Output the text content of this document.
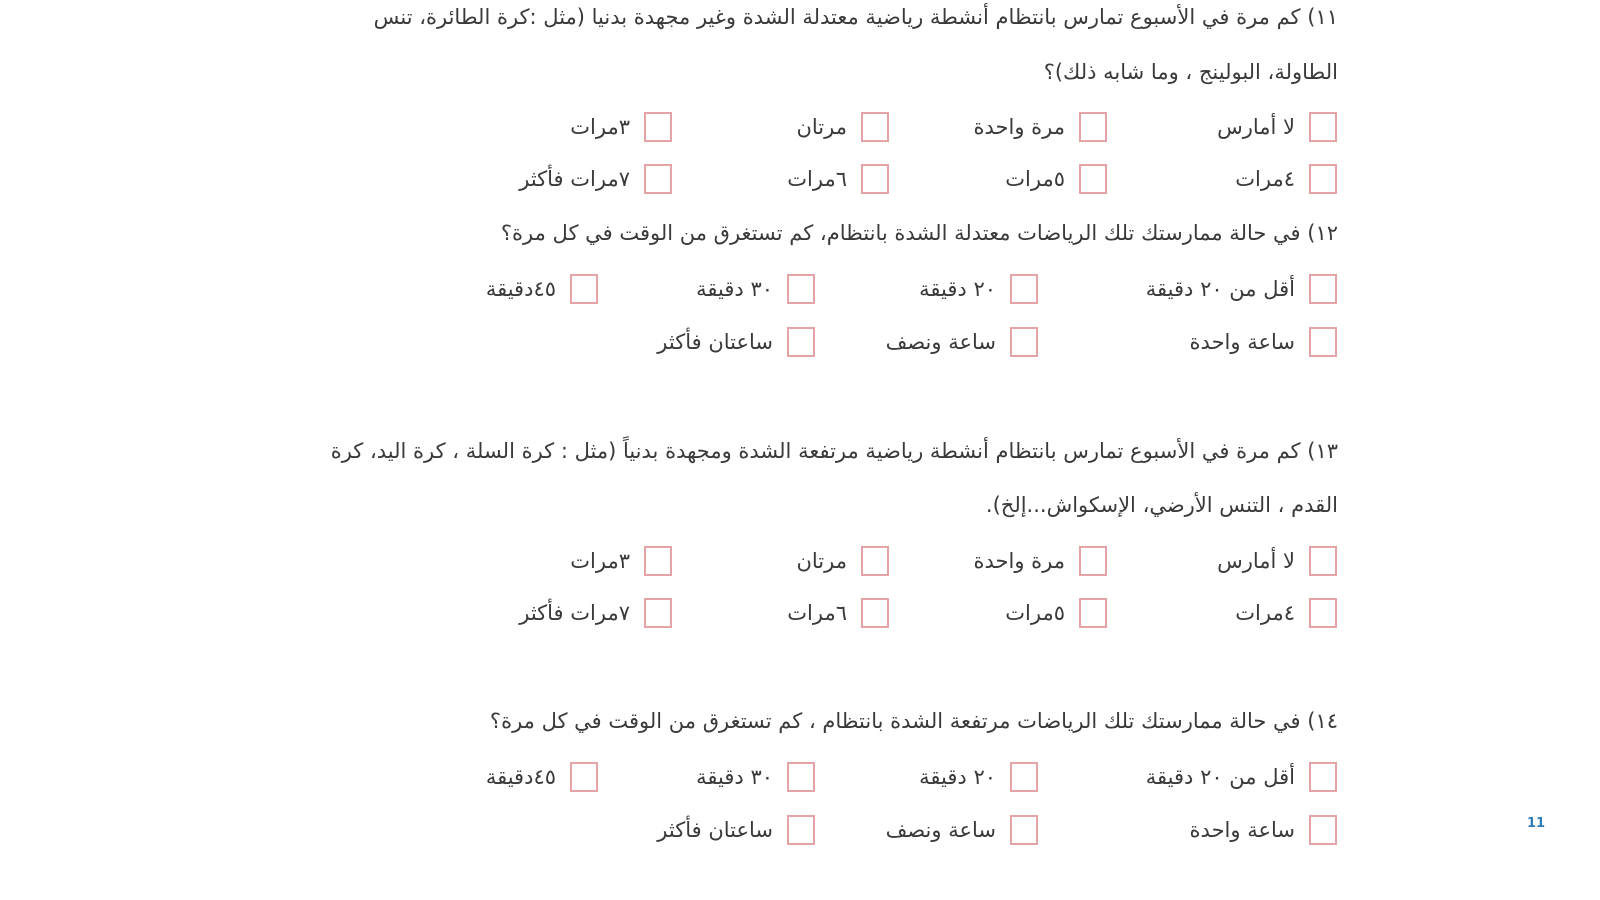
١١) كم مرة في الأسبوع تمارس بانتظام أنشطة رياضية معتدلة الشدة وغير مجهدة بدنيا (مثل :كرة الطائرة، تنس
الطاولة، البولينج ، وما شابه ذلك)؟
لا أمارس
مرة واحدة
مرتان
٣مرات
٤مرات
٥مرات
٦مرات
٧مرات فأكثر
١٢) في حالة ممارستك تلك الرياضات معتدلة الشدة بانتظام، كم تستغرق من الوقت في كل مرة؟
أقل من ٢٠ دقيقة
٢٠ دقيقة
٣٠ دقيقة
٤٥دقيقة
ساعة واحدة
ساعة ونصف
ساعتان فأكثر
١٣) كم مرة في الأسبوع تمارس بانتظام أنشطة رياضية مرتفعة الشدة ومجهدة بدنياً (مثل : كرة السلة ، كرة اليد، كرة
القدم ، التنس الأرضي، الإسكواش...إلخ).
لا أمارس
مرة واحدة
مرتان
٣مرات
٤مرات
٥مرات
٦مرات
٧مرات فأكثر
١٤) في حالة ممارستك تلك الرياضات مرتفعة الشدة بانتظام ، كم تستغرق من الوقت في كل مرة؟
أقل من ٢٠ دقيقة
٢٠ دقيقة
٣٠ دقيقة
٤٥دقيقة
ساعة واحدة
ساعة ونصف
ساعتان فأكثر	11
